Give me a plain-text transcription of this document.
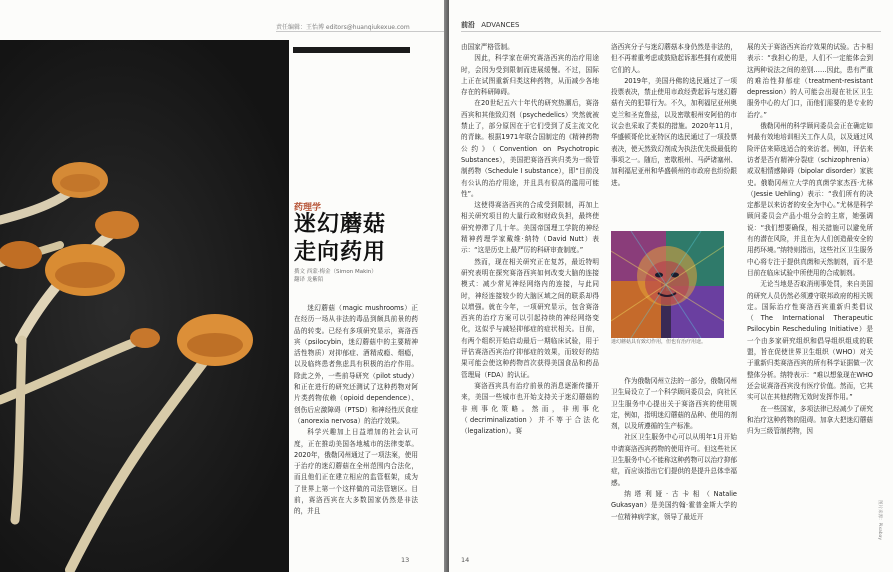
责任编辑：王怡博 editors@huanqiukexue.com
药理学
迷幻蘑菇
走向药用
撰文 西蒙·梅金（Simon Makin）
翻译 龙紫陌

迷幻蘑菇（magic mushrooms）正在经历一场从非法的毒品到颇具前景的药品的转变。已经有多项研究显示，赛洛西宾（psilocybin，迷幻蘑菇中的主要精神活性物质）对抑郁症、酒精成瘾、烟瘾，以及临终患者焦虑具有积极的治疗作用。除此之外，一些前导研究（pilot study）和正在进行的研究还测试了这种药物对阿片类药物依赖（opioid dependence）、创伤后应激障碍（PTSD）和神经性厌食症（anorexia nervosa）的治疗效果。

科学兴趣加上日益增加的社会认可度，正在推动美国各地城市的法律变革。2020年，俄勒冈州通过了一项法案，使用于治疗的迷幻蘑菇在全州范围内合法化，而且他们正在建立相应的监管框架，成为了世界上第一个这样做的司法管辖区。目前，赛洛西宾在大多数国家仍然是非法的，并且

13
前沿 ADVANCES

由国家严格管制。

因此，科学家在研究赛洛西宾的治疗用途时，会因为受到限制而进展缓慢。不过，国际上正在试图重新归类这种药物，从而减少各地存在的科研障碍。

在20世纪五六十年代的研究热潮后，赛洛西宾和其他致幻剂（psychedelics）突然就被禁止了，部分原因在于它们受到了反主流文化的青睐。根据1971年联合国制定的《精神药物公约》（Convention on Psychotropic Substances），美国把赛洛西宾归类为一级管制药物（Schedule I substance），即“目前没有公认的治疗用途，并且具有很高的滥用可能性”。

这使得赛洛西宾的合成受到限制，再加上相关研究项目的大量行政和财政负担，最终使研究停滞了几十年。美国帝国理工学院的神经精神药理学家戴维·纳特（David Nutt）表示：“这是历史上最严厉的科研审查制度。”

然而，现在相关研究正在复苏，最近特明研究表明在探究赛洛西宾如何改变大脑的连接模式：减少常见神经网络内的连接，与此同时，神经连接较少的大脑区域之间的联系却得以增强。就在今年，一项研究显示，包含赛洛西宾的治疗方案可以引起持续的神经网络变化，这似乎与减轻抑郁症的症状相关。目前，有两个组织开始启动最后一期临床试验，用于评估赛洛西宾治疗抑郁症的效果，而较好的结果可能会使这种药物首次获得美国食品和药品管理局（FDA）的认证。

赛洛西宾具有治疗前景的消息逐渐传播开来，美国一些城市也开始支持关于迷幻蘑菇的非刑事化策略。然而，非刑事化（decriminalization）并不等于合法化（legalization）。赛

洛西宾分子与迷幻蘑菇本身仍然是非法的，但不再着重考虑或鼓励起诉那些拥有或使用它们的人。

2019年，美国丹佛的选民通过了一项投票表决，禁止使用市政经费起诉与迷幻蘑菇有关的犯罪行为。不久，加利福尼亚州奥克兰和圣克鲁兹，以及密歇根州安阿伯的市议会也采取了类似的措施。2020年11月，华盛顿哥伦比亚特区的选民通过了一项投票表决，使天然致幻剂成为执法优先级最低的事项之一。随后，密歇根州、马萨诸塞州、加利福尼亚州和华盛顿州的市政府也纷纷跟进。

迷幻蘑菇具有致幻作用，但也有治疗用途。

作为俄勒冈州立法的一部分，俄勒冈州卫生局设立了一个科学顾问委员会，向社区卫生服务中心提出关于赛洛西宾的使用规定，例如，指明迷幻蘑菇的品种、使用的剂剂，以及所遵循的生产标准。

社区卫生服务中心可以从明年1月开始申请赛洛西宾药物的使用许可。但这些社区卫生服务中心不能称这种药物可以治疗抑郁症，而应该指出它们提供的是提升总体幸福感。

纳塔利娅·古卡相（Natalie Gukasyan）是美国约翰·霍普金斯大学的一位精神病学家，领导了最近开

展的关于赛洛西宾治疗效果的试验。古卡相表示：“我担心的是，人们不一定能体会到这两种说法之间的差别……因此，患有严重的难治性抑郁症（treatment-resistant depression）的人可能会出现在社区卫生服务中心的大门口，而他们需要的是专业的治疗。”

俄勒冈州的科学顾问委员会正在确定如何最有效地培训相关工作人员，以及通过风险评估来筛选适合的来访者。例如，评估来访者是否有精神分裂症（schizophrenia）或双相情感障碍（bipolar disorder）家族史。俄勒冈州立大学的真菌学家杰西·尤林（Jessie Uehling）表示：“我们所有的决定都是以来访者的安全为中心。”尤林是科学顾问委员会产品小组分会的主席，她强调说：“我们想要确保，相关措施可以避免所有的潜在风险，并且在为人们创造最安全的用药环境。”纳特则指出，这些社区卫生服务中心将专注于提供真菌和天然制剂，而不是目前在临床试验中所使用的合成制剂。

无论当地是否取消刑事处罚，来自美国的研究人员仍然必须遵守联邦政府的相关规定。国际治疗性赛洛西宾重新归类倡议（The International Therapeutic Psilocybin Rescheduling Initiative）是一个由多家研究组织和倡导组织组成的联盟，旨在促使世界卫生组织（WHO）对关于重新归类赛洛西宾的所有科学证据做一次整体分析。纳特表示：“难以想象现在WHO还会说赛洛西宾没有医疗价值。然而，它其实可以在其他药物无效时发挥作用。”

在一些国家，多项法律已经减少了研究和治疗这种药物的阻碍。加拿大把迷幻蘑菇归为三级管制药物，因

图片来源：Pixabay
14
